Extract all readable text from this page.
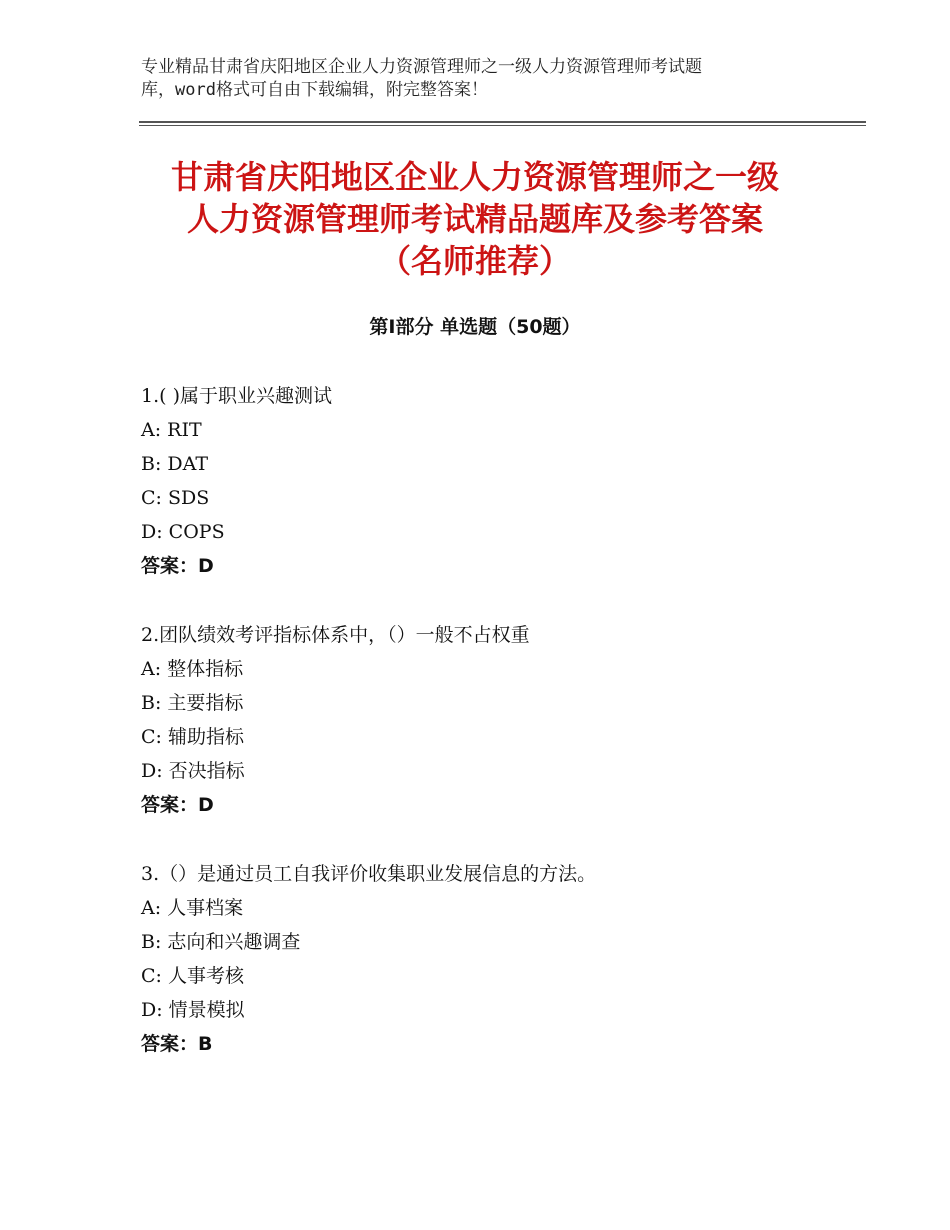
专业精品甘肃省庆阳地区企业人力资源管理师之一级人力资源管理师考试题
库，word格式可自由下载编辑，附完整答案！
甘肃省庆阳地区企业人力资源管理师之一级
人力资源管理师考试精品题库及参考答案
（名师推荐）
第Ⅰ部分 单选题（50题）
1.( )属于职业兴趣测试
A: RIT
B: DAT
C: SDS
D: COPS
答案：D
2.团队绩效考评指标体系中，（）一般不占权重
A: 整体指标
B: 主要指标
C: 辅助指标
D: 否决指标
答案：D
3.（）是通过员工自我评价收集职业发展信息的方法。
A: 人事档案
B: 志向和兴趣调查
C: 人事考核
D: 情景模拟
答案：B
